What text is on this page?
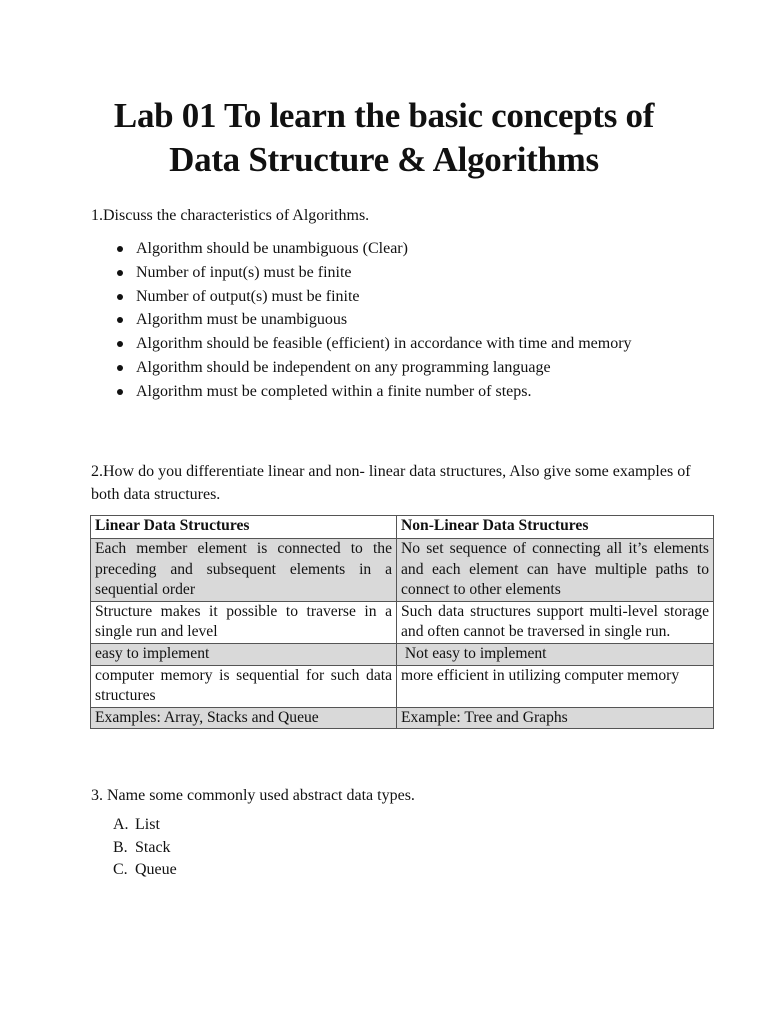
Lab 01 To learn the basic concepts of
Data Structure & Algorithms
1.Discuss the characteristics of Algorithms.
Algorithm should be unambiguous (Clear)
Number of input(s) must be finite
Number of output(s) must be finite
Algorithm must be unambiguous
Algorithm should be feasible (efficient) in accordance with time and memory
Algorithm should be independent on any programming language
Algorithm must be completed within a finite number of steps.
2.How do you differentiate linear and non- linear data structures, Also give some examples of both data structures.
Linear Data Structures	Non-Linear Data Structures
Each member element is connected to the preceding and subsequent elements in a sequential order	No set sequence of connecting all it’s elements and each element can have multiple paths to connect to other elements
Structure makes it possible to traverse in a single run and level	Such data structures support multi-level storage and often cannot be traversed in single run.
easy to implement	Not easy to implement
computer memory is sequential for such data structures	more efficient in utilizing computer memory
Examples: Array, Stacks and Queue	Example: Tree and Graphs
3. Name some commonly used abstract data types.
A. List
B. Stack
C. Queue
